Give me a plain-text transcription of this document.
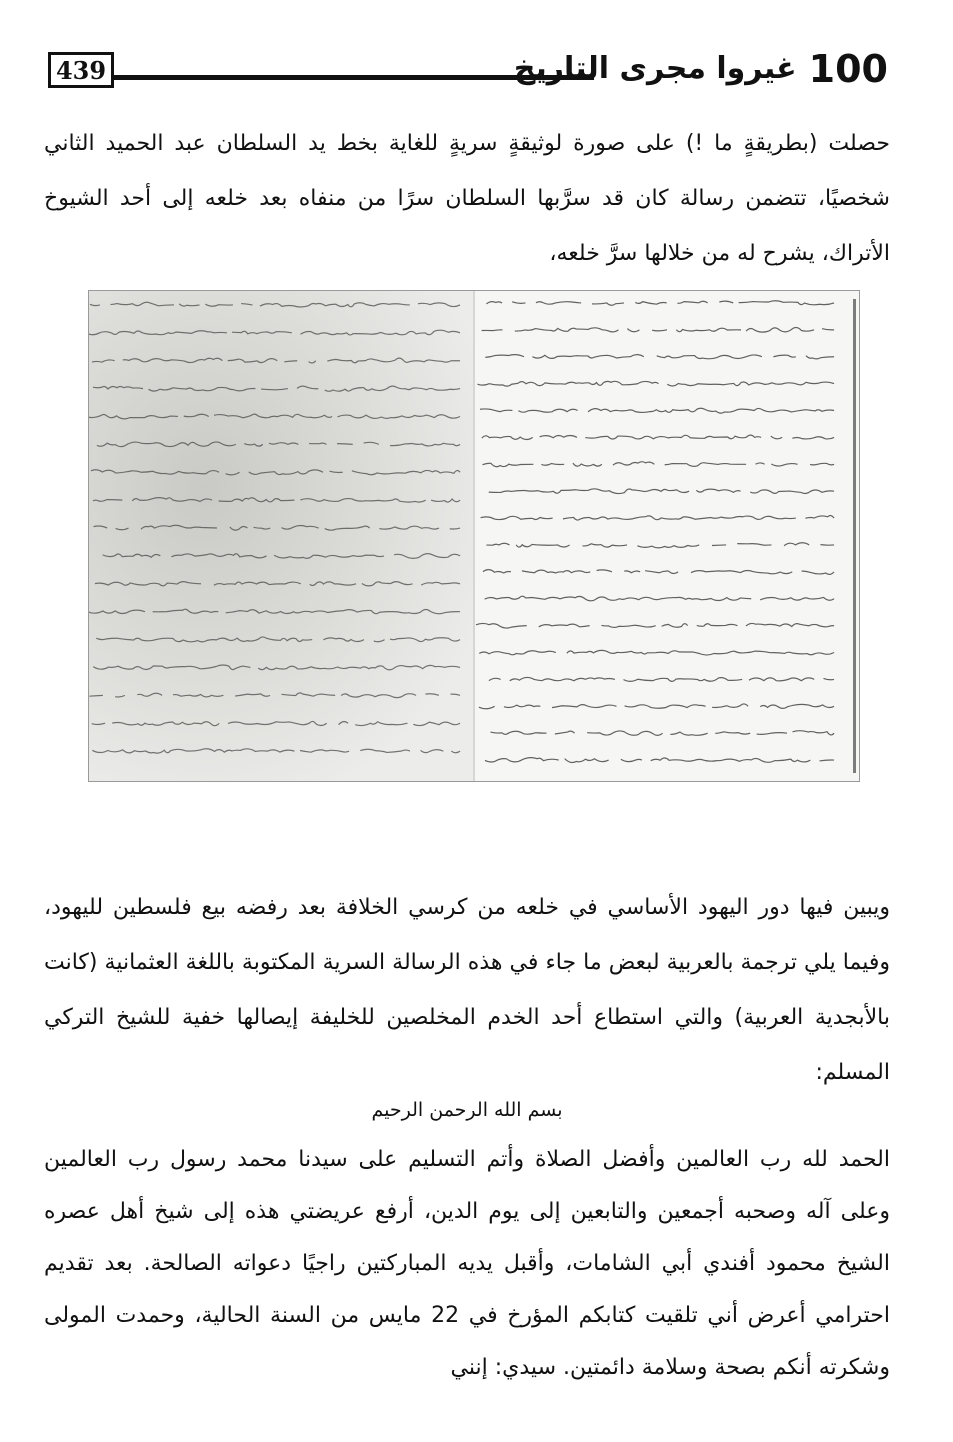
439	100
غيروا مجرى التاريخ

حصلت (بطريقةٍ ما !) على صورة لوثيقةٍ سريةٍ للغاية بخط يد السلطان عبد الحميد الثاني شخصيًا، تتضمن رسالة كان قد سرَّبها السلطان سرًا من منفاه بعد خلعه إلى أحد الشيوخ الأتراك، يشرح له من خلالها سرَّ خلعه،

ويبين فيها دور اليهود الأساسي في خلعه من كرسي الخلافة بعد رفضه بيع فلسطين لليهود، وفيما يلي ترجمة بالعربية لبعض ما جاء في هذه الرسالة السرية المكتوبة باللغة العثمانية (كانت بالأبجدية العربية) والتي استطاع أحد الخدم المخلصين للخليفة إيصالها خفية للشيخ التركي المسلم:

بسم الله الرحمن الرحيم

الحمد لله رب العالمين وأفضل الصلاة وأتم التسليم على سيدنا محمد رسول رب العالمين وعلى آله وصحبه أجمعين والتابعين إلى يوم الدين، أرفع عريضتي هذه إلى شيخ أهل عصره الشيخ محمود أفندي أبي الشامات، وأقبل يديه المباركتين راجيًا دعواته الصالحة. بعد تقديم احترامي أعرض أني تلقيت كتابكم المؤرخ في 22 مايس من السنة الحالية، وحمدت المولى وشكرته أنكم بصحة وسلامة دائمتين. سيدي: إنني
